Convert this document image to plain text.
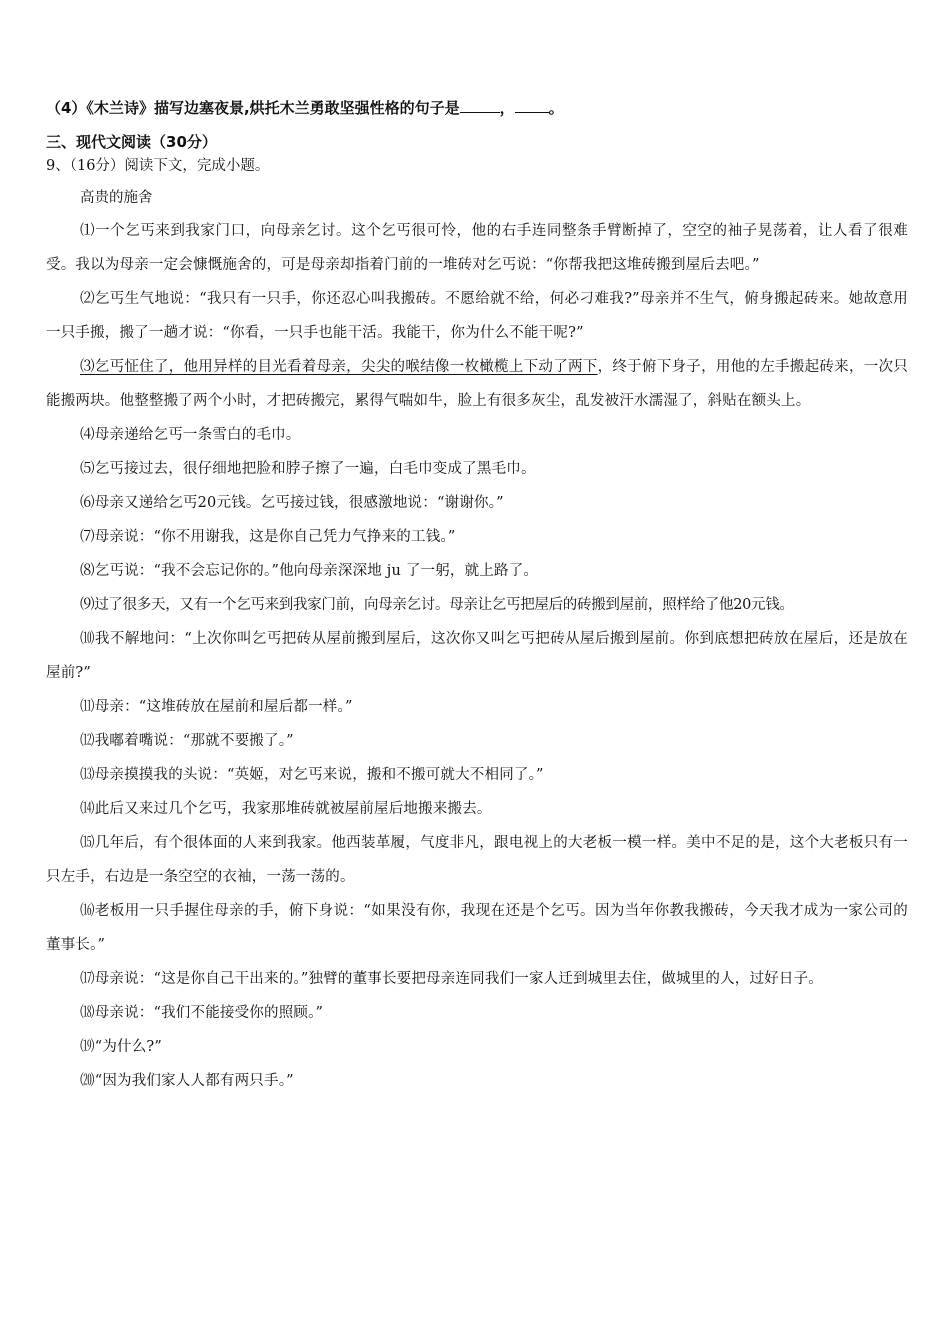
（4）《木兰诗》描写边塞夜景,烘托木兰勇敢坚强性格的句子是	， 。

三、现代文阅读（30分）

9、（16分）阅读下文，完成小题。

高贵的施舍

⑴一个乞丐来到我家门口，向母亲乞讨。这个乞丐很可怜，他的右手连同整条手臂断掉了，空空的袖子晃荡着，让人看了很难受。我以为母亲一定会慷慨施舍的，可是母亲却指着门前的一堆砖对乞丐说：“你帮我把这堆砖搬到屋后去吧。”

⑵乞丐生气地说：“我只有一只手，你还忍心叫我搬砖。不愿给就不给，何必刁难我?”母亲并不生气，俯身搬起砖来。她故意用一只手搬，搬了一趟才说：“你看，一只手也能干活。我能干，你为什么不能干呢?”

⑶乞丐怔住了，他用异样的目光看着母亲，尖尖的喉结像一枚橄榄上下动了两下，终于俯下身子，用他的左手搬起砖来，一次只能搬两块。他整整搬了两个小时，才把砖搬完，累得气喘如牛，脸上有很多灰尘，乱发被汗水濡湿了，斜贴在额头上。

⑷母亲递给乞丐一条雪白的毛巾。

⑸乞丐接过去，很仔细地把脸和脖子擦了一遍，白毛巾变成了黑毛巾。

⑹母亲又递给乞丐20元钱。乞丐接过钱，很感激地说：“谢谢你。”

⑺母亲说：“你不用谢我，这是你自己凭力气挣来的工钱。”

⑻乞丐说：“我不会忘记你的。”他向母亲深深地 ju 了一躬，就上路了。

⑼过了很多天，又有一个乞丐来到我家门前，向母亲乞讨。母亲让乞丐把屋后的砖搬到屋前，照样给了他20元钱。

⑽我不解地问：“上次你叫乞丐把砖从屋前搬到屋后，这次你又叫乞丐把砖从屋后搬到屋前。你到底想把砖放在屋后，还是放在屋前?”

⑾母亲：“这堆砖放在屋前和屋后都一样。”

⑿我嘟着嘴说：“那就不要搬了。”

⒀母亲摸摸我的头说：“英姬，对乞丐来说，搬和不搬可就大不相同了。”

⒁此后又来过几个乞丐，我家那堆砖就被屋前屋后地搬来搬去。

⒂几年后，有个很体面的人来到我家。他西装革履，气度非凡，跟电视上的大老板一模一样。美中不足的是，这个大老板只有一只左手，右边是一条空空的衣袖，一荡一荡的。

⒃老板用一只手握住母亲的手，俯下身说：“如果没有你，我现在还是个乞丐。因为当年你教我搬砖，今天我才成为一家公司的董事长。”

⒄母亲说：“这是你自己干出来的。”独臂的董事长要把母亲连同我们一家人迁到城里去住，做城里的人，过好日子。

⒅母亲说：“我们不能接受你的照顾。”

⒆“为什么?”

⒇“因为我们家人人都有两只手。”
